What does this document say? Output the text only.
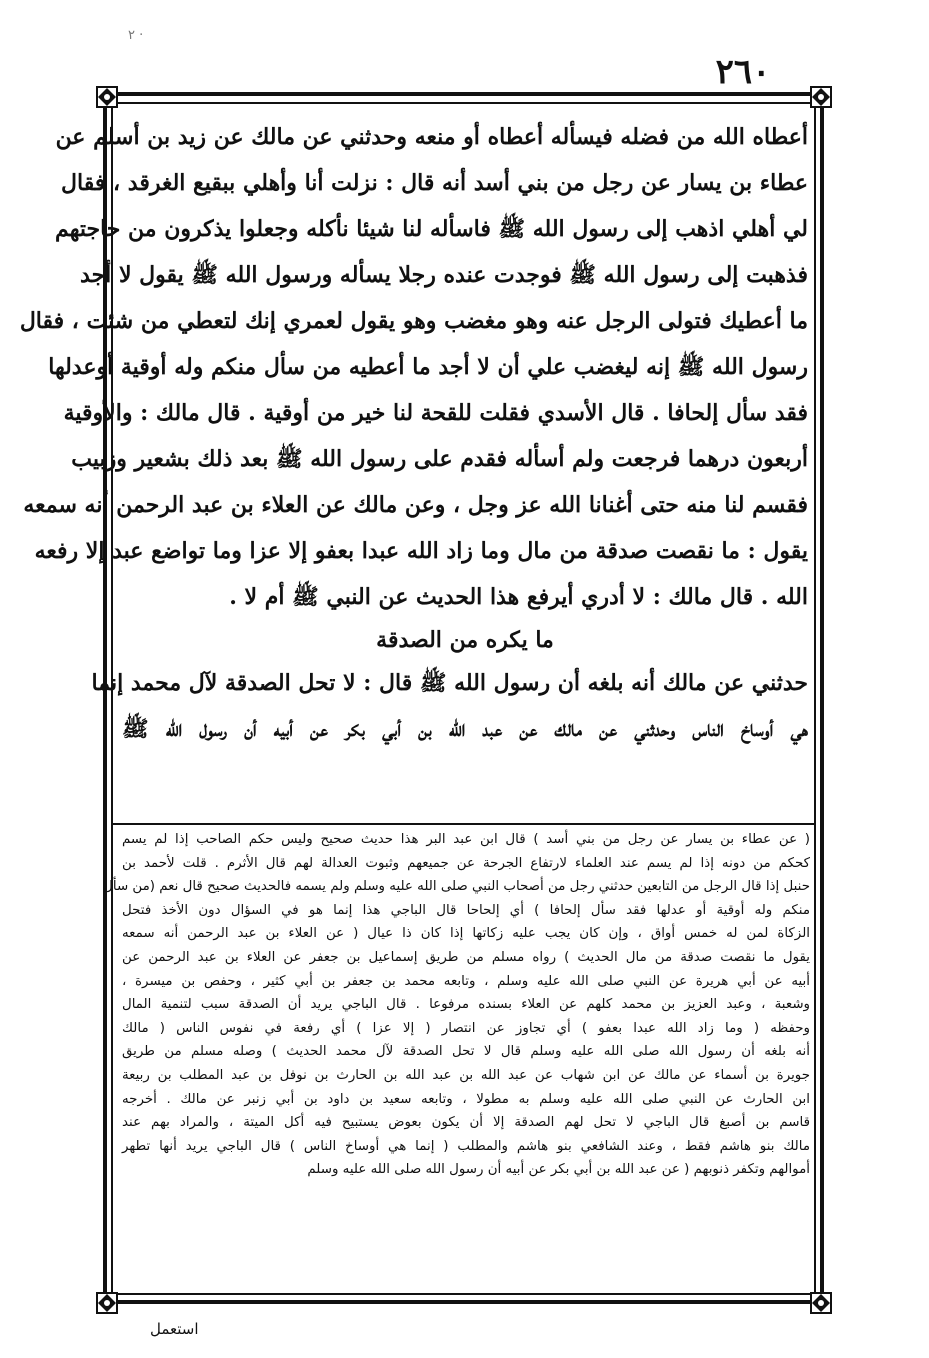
٢ ·
٢٦٠
أعطاه الله من فضله فيسأله أعطاه أو منعه وحدثني عن مالك عن زيد بن أسلم عن
عطاء بن يسار عن رجل من بني أسد أنه قال : نزلت أنا وأهلي ببقيع الغرقد ، فقال
لي أهلي اذهب إلى رسول الله ﷺ فاسأله لنا شيئا نأكله وجعلوا يذكرون من حاجتهم
فذهبت إلى رسول الله ﷺ فوجدت عنده رجلا يسأله ورسول الله ﷺ يقول لا أجد
ما أعطيك فتولى الرجل عنه وهو مغضب وهو يقول لعمري إنك لتعطي من شئت ، فقال
رسول الله ﷺ إنه ليغضب علي أن لا أجد ما أعطيه من سأل منكم وله أوقية أوعدلها
فقد سأل إلحافا . قال الأسدي فقلت للقحة لنا خير من أوقية . قال مالك : والأوقية
أربعون درهما فرجعت ولم أسأله فقدم على رسول الله ﷺ بعد ذلك بشعير وزبيب
فقسم لنا منه حتى أغنانا الله عز وجل ، وعن مالك عن العلاء بن عبد الرحمن أنه سمعه
يقول : ما نقصت صدقة من مال وما زاد الله عبدا بعفو إلا عزا وما تواضع عبد إلا رفعه
الله . قال مالك : لا أدري أيرفع هذا الحديث عن النبي ﷺ أم لا .
ما يكره من الصدقة
حدثني عن مالك أنه بلغه أن رسول الله ﷺ قال : لا تحل الصدقة لآل محمد إنما
هي أوساخ الناس وحدثني عن مالك عن عبد الله بن أبي بكر عن أبيه أن رسول الله ﷺ
( عن عطاء بن يسار عن رجل من بني أسد ) قال ابن عبد البر هذا حديث صحيح وليس حكم الصاحب إذا لم يسم
كحكم من دونه إذا لم يسم عند العلماء لارتفاع الجرحة عن جميعهم وثبوت العدالة لهم قال الأثرم . قلت لأحمد بن
حنبل إذا قال الرجل من التابعين حدثني رجل من أصحاب النبي صلى الله عليه وسلم ولم يسمه فالحديث صحيح قال نعم (من سأل
منكم وله أوقية أو عدلها فقد سأل إلحافا ) أي إلحاحا قال الباجي هذا إنما هو في السؤال دون الأخذ فتحل
الزكاة لمن له خمس أواق ، وإن كان يجب عليه زكاتها إذا كان ذا عيال ( عن العلاء بن عبد الرحمن أنه سمعه
يقول ما نقصت صدقة من مال الحديث ) رواه مسلم من طريق إسماعيل بن جعفر عن العلاء بن عبد الرحمن عن
أبيه عن أبي هريرة عن النبي صلى الله عليه وسلم ، وتابعه محمد بن جعفر بن أبي كثير ، وحفص بن ميسرة ،
وشعبة ، وعبد العزيز بن محمد كلهم عن العلاء بسنده مرفوعا . قال الباجي يريد أن الصدقة سبب لتنمية المال
وحفظه ( وما زاد الله عبدا بعفو ) أي تجاوز عن انتصار ( إلا عزا ) أي رفعة في نفوس الناس ( مالك
أنه بلغه أن رسول الله صلى الله عليه وسلم قال لا تحل الصدقة لآل محمد الحديث ) وصله مسلم من طريق
جويرة بن أسماء عن مالك عن ابن شهاب عن عبد الله بن عبد الله بن الحارث بن نوفل بن عبد المطلب بن ربيعة
ابن الحارث عن النبي صلى الله عليه وسلم به مطولا ، وتابعه سعيد بن داود بن أبي زنبر عن مالك . أخرجه
قاسم بن أصبغ قال الباجي لا تحل لهم الصدقة إلا أن يكون بعوض يستبيح فيه أكل الميتة ، والمراد بهم عند
مالك بنو هاشم فقط ، وعند الشافعي بنو هاشم والمطلب ( إنما هي أوساخ الناس ) قال الباجي يريد أنها تطهر
أموالهم وتكفر ذنوبهم ( عن عبد الله بن أبي بكر عن أبيه أن رسول الله صلى الله عليه وسلم
استعمل
